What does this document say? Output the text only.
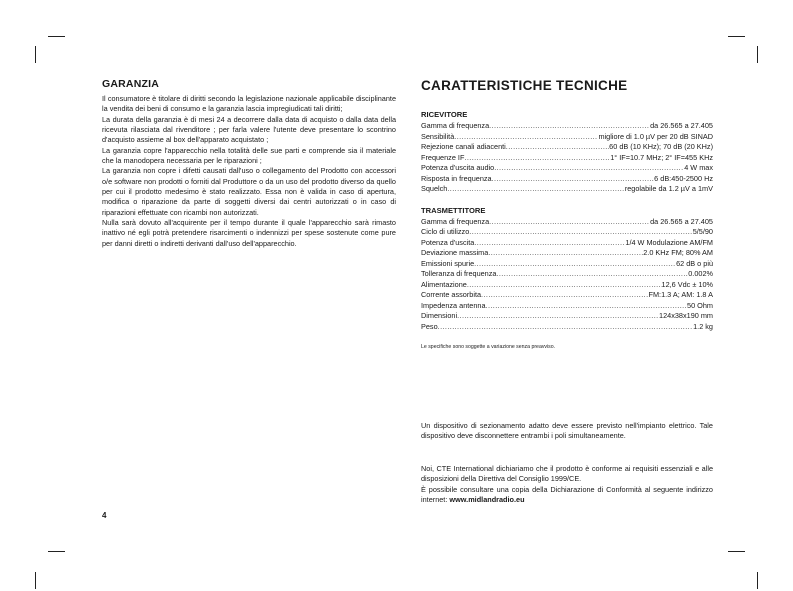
GARANZIA

Il consumatore è titolare di diritti secondo la legislazione nazionale applicabile disciplinante la vendita dei beni di consumo e la garanzia lascia impregiudicati tali diritti;

La durata della garanzia è di mesi 24 a decorrere dalla data di acquisto o dalla data della ricevuta rilasciata dal rivenditore ; per farla valere l'utente deve presentare lo scontrino d'acquisto assieme al box dell'apparato acquistato ;

La garanzia copre l'apparecchio nella totalità delle sue parti e comprende sia il materiale che la manodopera necessaria per le riparazioni ;

La garanzia non copre i difetti causati dall'uso o collegamento del Prodotto con accessori o/e software non prodotti o forniti dal Produttore o da un uso del prodotto diverso da quello per cui il prodotto medesimo è stato realizzato. Essa non è valida in caso di apertura, modifica o riparazione da parte di soggetti diversi dai centri autorizzati o in caso di riparazioni effettuate con ricambi non autorizzati.

Nulla sarà dovuto all'acquirente per il tempo durante il quale l'apparecchio sarà rimasto inattivo né egli potrà pretendere risarcimenti o indennizzi per spese sostenute come pure per danni diretti o indiretti derivanti dall'uso dell'apparecchio.

CARATTERISTICHE TECNICHE
RICEVITORE
Gamma di frequenza .....	da 26.565 a 27.405
Sensibilità .....	migliore di 1.0 µV per 20 dB SINAD
Rejezione canali adiacenti .....	60 dB (10 KHz); 70 dB (20 KHz)
Frequenze IF .....	1° IF=10.7 MHz; 2° IF=455 KHz
Potenza d'uscita audio .....	4 W max
Risposta in frequenza .....	6 dB:450-2500 Hz
Squelch .....	regolabile da 1.2 µV a 1mV
TRASMETTITORE
Gamma di frequenza .....	da 26.565 a 27.405
Ciclo di utilizzo .....	5/5/90
Potenza d'uscita .....	1/4 W Modulazione AM/FM
Deviazione massima .....	2.0 KHz FM; 80% AM
Emissioni spurie .....	62 dB o più
Tolleranza di frequenza .....	0.002%
Alimentazione .....	12,6 Vdc ± 10%
Corrente assorbita .....	FM:1.3 A; AM: 1.8 A
Impedenza antenna .....	50 Ohm
Dimensioni .....	124x38x190 mm
Peso .....	1.2 kg

Le specifiche sono soggette a variazione senza preavviso.

Un dispositivo di sezionamento adatto deve essere previsto nell'impianto elettrico. Tale dispositivo deve disconnettere entrambi i poli simultaneamente.

Noi, CTE International dichiariamo che il prodotto è conforme ai requisiti essenziali e alle disposizioni della Direttiva del Consiglio 1999/CE.
È possibile consultare una copia della Dichiarazione di Conformità al seguente indirizzo internet: www.midlandradio.eu

4
